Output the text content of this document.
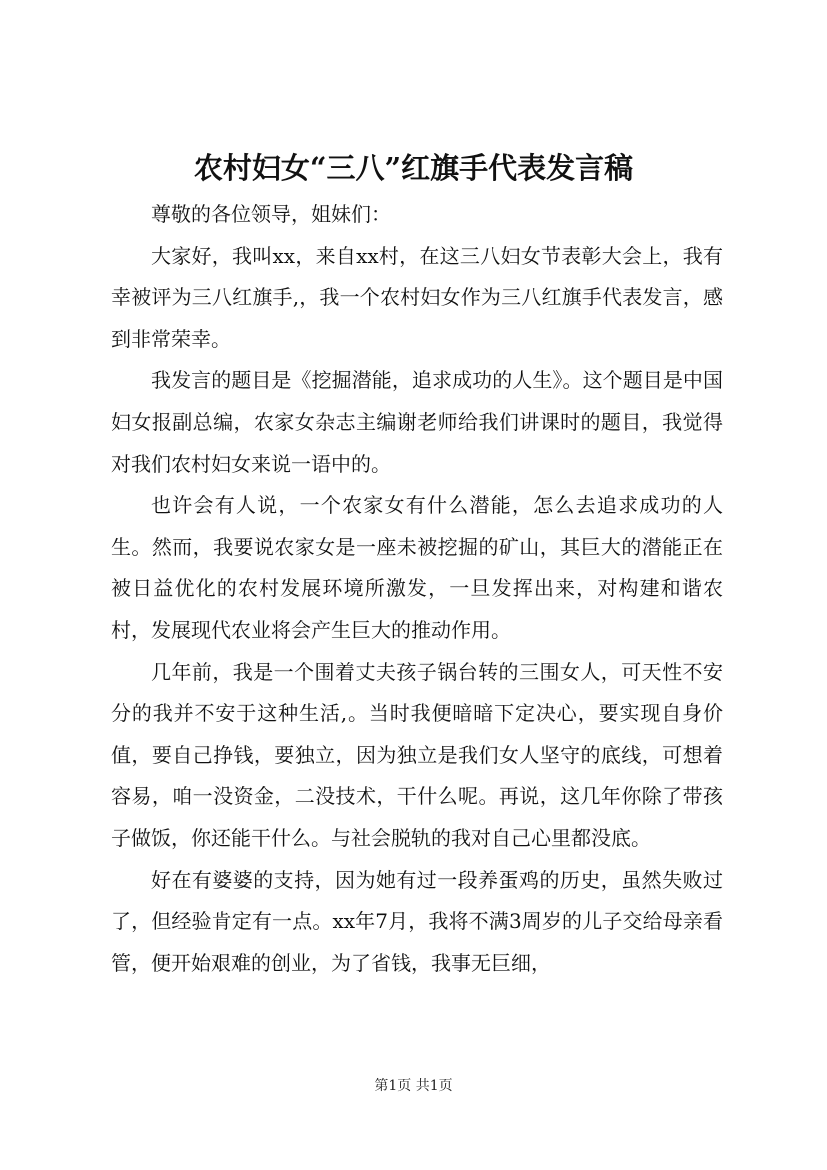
农村妇女“三八”红旗手代表发言稿

尊敬的各位领导，姐妹们：

大家好，我叫xx，来自xx村，在这三八妇女节表彰大会上，我有幸被评为三八红旗手,，我一个农村妇女作为三八红旗手代表发言，感到非常荣幸。

我发言的题目是《挖掘潜能，追求成功的人生》。这个题目是中国妇女报副总编，农家女杂志主编谢老师给我们讲课时的题目，我觉得对我们农村妇女来说一语中的。

也许会有人说，一个农家女有什么潜能，怎么去追求成功的人生。然而，我要说农家女是一座未被挖掘的矿山，其巨大的潜能正在被日益优化的农村发展环境所激发，一旦发挥出来，对构建和谐农村，发展现代农业将会产生巨大的推动作用。

几年前，我是一个围着丈夫孩子锅台转的三围女人，可天性不安分的我并不安于这种生活,。当时我便暗暗下定决心，要实现自身价值，要自己挣钱，要独立，因为独立是我们女人坚守的底线，可想着容易，咱一没资金，二没技术，干什么呢。再说，这几年你除了带孩子做饭，你还能干什么。与社会脱轨的我对自己心里都没底。

好在有婆婆的支持，因为她有过一段养蛋鸡的历史，虽然失败过了，但经验肯定有一点。xx年7月，我将不满3周岁的儿子交给母亲看管，便开始艰难的创业，为了省钱，我事无巨细，

第1页 共1页
